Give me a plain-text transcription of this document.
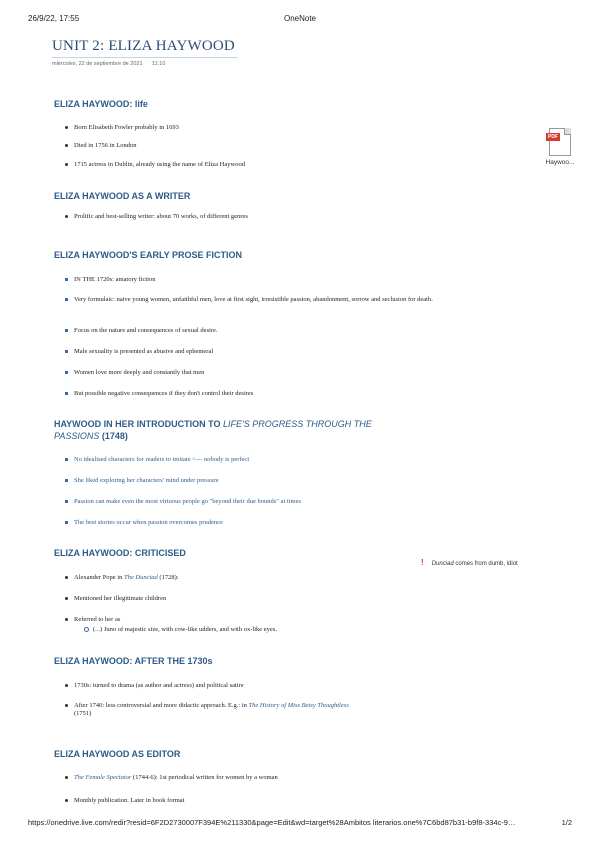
26/9/22, 17:55	OneNote
UNIT 2: ELIZA HAYWOOD
miércoles, 22 de septiembre de 2021 11:10
PDF
Haywoo...
ELIZA HAYWOOD: life
Born Elisabeth Fowler probably in 1693
Died in 1756 in London
1715 actress in Dublin, already using the name of Eliza Haywood
ELIZA HAYWOOD AS A WRITER
Prolific and best-selling writer: about 70 works, of different genres
ELIZA HAYWOOD'S EARLY PROSE FICTION
IN THE 1720s: amatory fiction
Very formulaic: naive young women, unfaithful men, love at first sight, irresistible passion, abandonment, sorrow and seclusion for death.
Focus on the nature and consequences of sexual desire.
Male sexuality is presented as abusive and ephemeral
Women love more deeply and constantly that men
But possible negative consequences if they don't control their desires
HAYWOOD IN HER INTRODUCTION TO LIFE'S PROGRESS THROUGH THE PASSIONS (1748)
No idealised characters for readers to imitate <--- nobody is perfect
She liked exploring her characters' mind under pressure
Passion can make even the most virtuous people go "beyond their due bounds" at times
The best stories occur when passion overcomes prudence
ELIZA HAYWOOD: CRITICISED
! Dunciad comes from dumb, idiot
Alexander Pope in The Dunciad (1728):
Mentioned her illegitimate children
Referred to her as
(...) Juno of majestic size, with cow-like udders, and with ox-like eyes.
ELIZA HAYWOOD: AFTER THE 1730s
1730s: turned to drama (as author and actress) and political satire
After 1740: less controversial and more didactic approach. E.g.: in The History of Miss Betsy Thoughtless
(1751)
ELIZA HAYWOOD AS EDITOR
The Female Spectator (1744-6): 1st periodical written for women by a woman
Monthly publication. Later in book format
https://onedrive.live.com/redir?resid=6F2D2730007F394E%211330&page=Edit&wd=target%28Ambitos literarios.one%7C6bd87b31-b9f8-334c-9…	1/2
